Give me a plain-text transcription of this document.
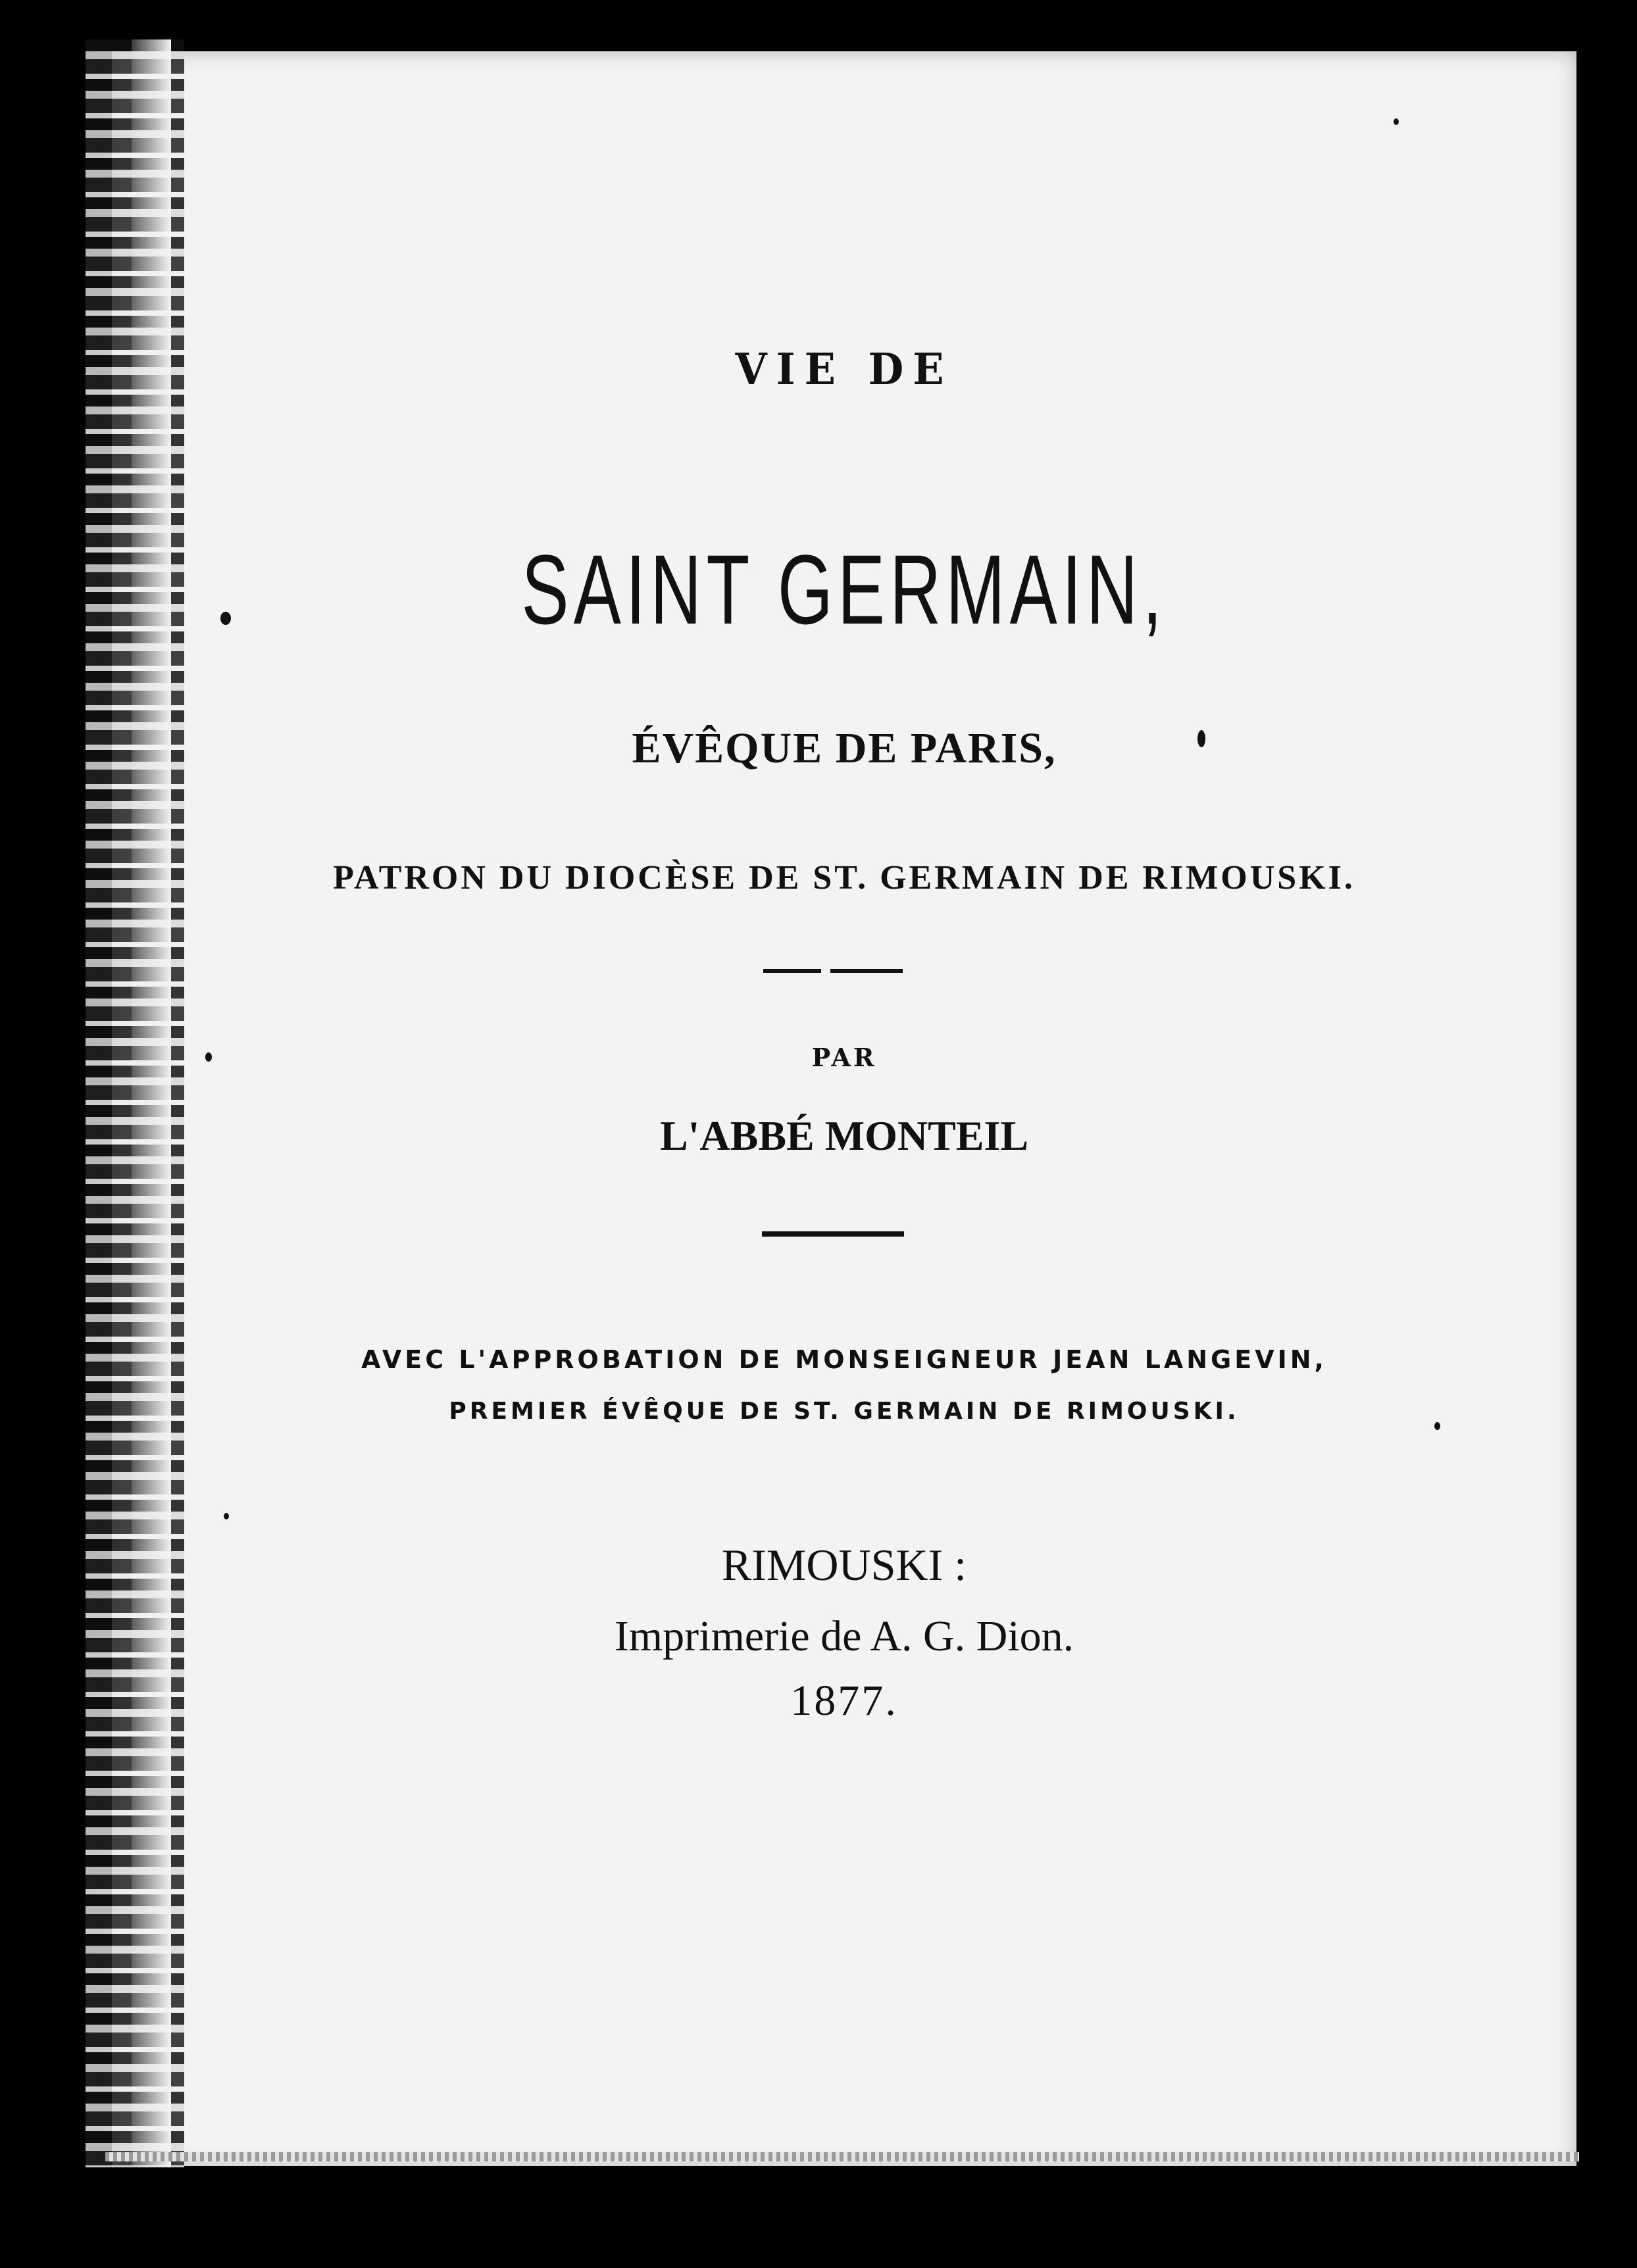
VIE DE
SAINT GERMAIN,
ÉVÊQUE DE PARIS,
PATRON DU DIOCÈSE DE ST. GERMAIN DE RIMOUSKI.
PAR
L'ABBÉ MONTEIL
AVEC L'APPROBATION DE MONSEIGNEUR JEAN LANGEVIN,
PREMIER ÉVÊQUE DE ST. GERMAIN DE RIMOUSKI.
RIMOUSKI :
Imprimerie de A. G. Dion.
1877.
